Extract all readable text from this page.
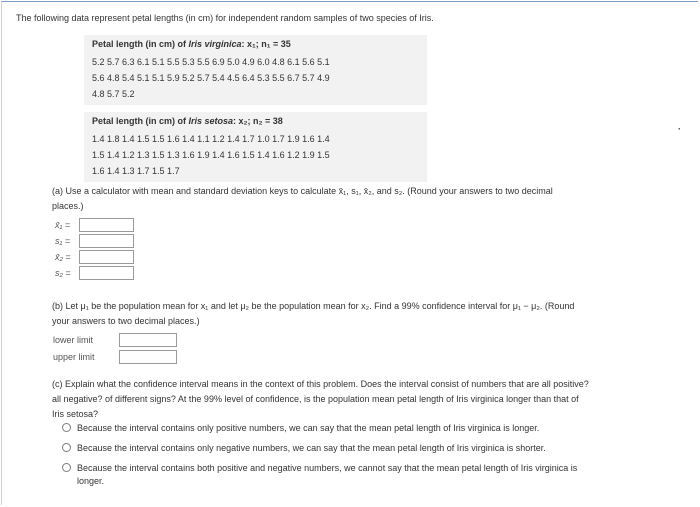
The following data represent petal lengths (in cm) for independent random samples of two species of Iris.
Petal length (in cm) of Iris virginica: x₁; n₁ = 35
5.2 5.7 6.3 6.1 5.1 5.5 5.3 5.5 6.9 5.0 4.9 6.0 4.8 6.1 5.6 5.1
5.6 4.8 5.4 5.1 5.1 5.9 5.2 5.7 5.4 4.5 6.4 5.3 5.5 6.7 5.7 4.9
4.8 5.7 5.2
Petal length (in cm) of Iris setosa: x₂; n₂ = 38
1.4 1.8 1.4 1.5 1.5 1.6 1.4 1.1 1.2 1.4 1.7 1.0 1.7 1.9 1.6 1.4
1.5 1.4 1.2 1.3 1.5 1.3 1.6 1.9 1.4 1.6 1.5 1.4 1.6 1.2 1.9 1.5
1.6 1.4 1.3 1.7 1.5 1.7
·
(a) Use a calculator with mean and standard deviation keys to calculate x̄₁, s₁, x̄₂, and s₂. (Round your answers to two decimal
places.)
x̄₁ =
s₁ =
x̄₂ =
s₂ =
(b) Let μ₁ be the population mean for x₁ and let μ₂ be the population mean for x₂. Find a 99% confidence interval for μ₁ − μ₂. (Round
your answers to two decimal places.)
lower limit
upper limit
(c) Explain what the confidence interval means in the context of this problem. Does the interval consist of numbers that are all positive?
all negative? of different signs? At the 99% level of confidence, is the population mean petal length of Iris virginica longer than that of
Iris setosa?
Because the interval contains only positive numbers, we can say that the mean petal length of Iris virginica is longer.
Because the interval contains only negative numbers, we can say that the mean petal length of Iris virginica is shorter.
Because the interval contains both positive and negative numbers, we cannot say that the mean petal length of Iris virginica is
longer.
